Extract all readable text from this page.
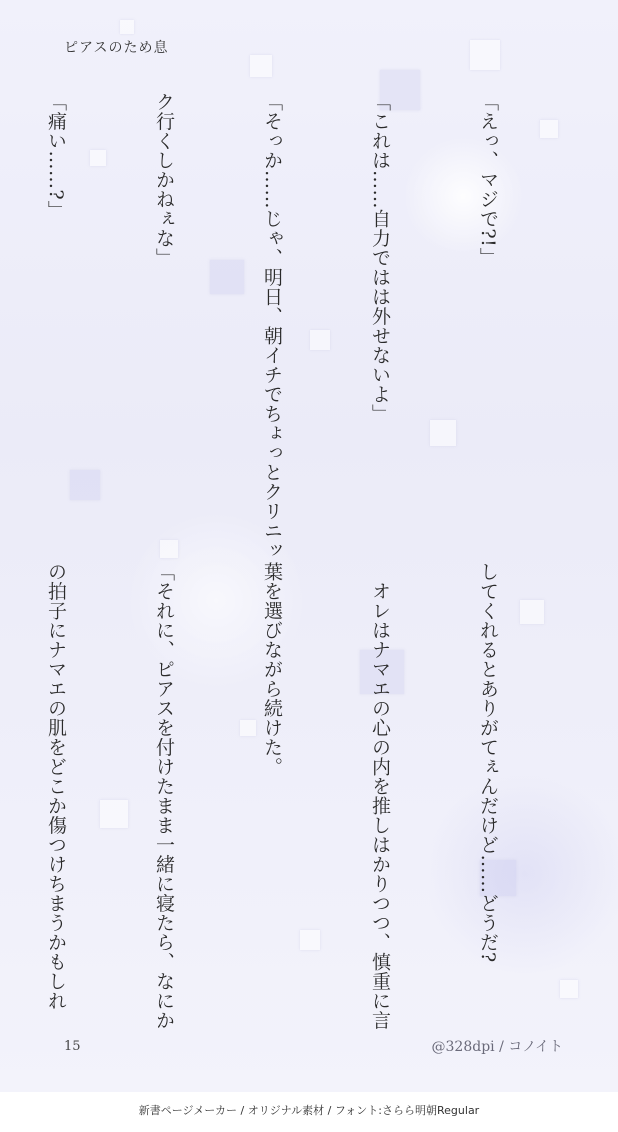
ピアスのため息

「えっ、マジで?!」

「これは……自力ではは外せないよ」

「そっか……じゃ、明日、朝イチでちょっとクリニッ

ク行くしかねぇな」

「痛い……?」

してくれるとありがてぇんだけど……どうだ?

　オレはナマエの心の内を推しはかりつつ、慎重に言

葉を選びながら続けた。

「それに、ピアスを付けたまま一緒に寝たら、なにか

の拍子にナマエの肌をどこか傷つけちまうかもしれ

15	@328dpi / コノイト
新書ページメーカー / オリジナル素材 / フォント:さらら明朝Regular
